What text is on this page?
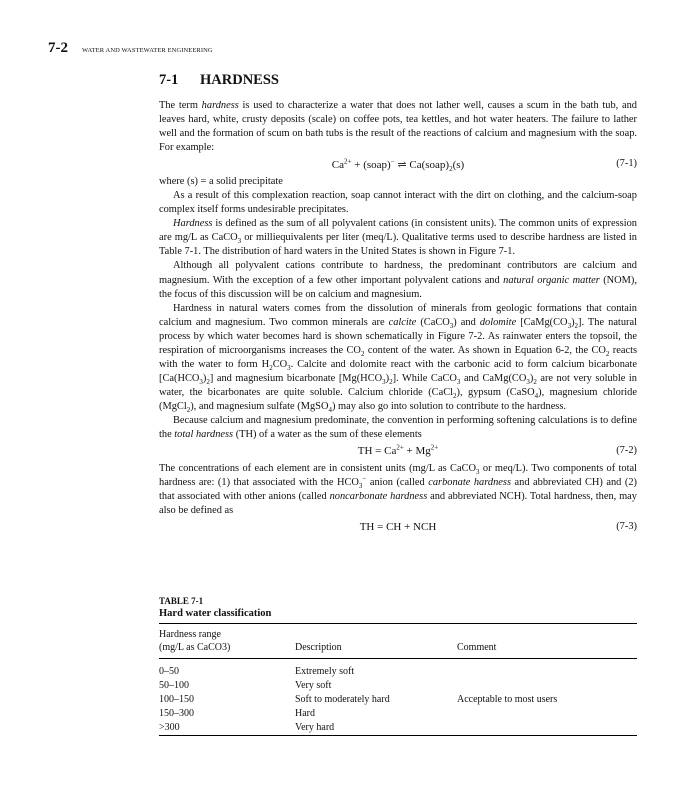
7-2 WATER AND WASTEWATER ENGINEERING
7-1 HARDNESS

The term hardness is used to characterize a water that does not lather well, causes a scum in the bath tub, and leaves hard, white, crusty deposits (scale) on coffee pots, tea kettles, and hot water heaters. The failure to lather well and the formation of scum on bath tubs is the result of the reactions of calcium and magnesium with the soap. For example:

$Ca^{2+}$ + (soap)− ⇌ $Ca(soap)_2(s)$	(7-1)

where (s) = a solid precipitate

As a result of this complexation reaction, soap cannot interact with the dirt on clothing, and the calcium-soap complex itself forms undesirable precipitates.

Hardness is defined as the sum of all polyvalent cations (in consistent units). The common units of expression are mg/L as CaCO$_3$ or milliequivalents per liter (meq/L). Qualitative terms used to describe hardness are listed in Table 7-1. The distribution of hard waters in the United States is shown in Figure 7-1.

Although all polyvalent cations contribute to hardness, the predominant contributors are calcium and magnesium. With the exception of a few other important polyvalent cations and natural organic matter (NOM), the focus of this discussion will be on calcium and magnesium.

Hardness in natural waters comes from the dissolution of minerals from geologic formations that contain calcium and magnesium. Two common minerals are calcite (CaCO$_3$) and dolomite $[CaMg(CO_3)_2]$. The natural process by which water becomes hard is shown schematically in Figure 7-2. As rainwater enters the topsoil, the respiration of microorganisms increases the $CO_2$ content of the water. As shown in Equation 6-2, the $CO_2$ reacts with the water to form $H_2CO_3$. Calcite and dolomite react with the carbonic acid to form calcium bicarbonate $[Ca(HCO_3)_2]$ and magnesium bicarbonate $[Mg(HCO_3)_2]$. While CaCO$_3$ and $CaMg(CO_3)_2$ are not very soluble in water, the bicarbonates are quite soluble. Calcium chloride (CaCl$_2$), gypsum (CaSO$_4$), magnesium chloride (MgCl$_2$), and magnesium sulfate (MgSO$_4$) may also go into solution to contribute to the hardness.

Because calcium and magnesium predominate, the convention in performing softening calculations is to define the total hardness (TH) of a water as the sum of these elements

TH = $Ca^{2+} + Mg^{2+}$	(7-2)

The concentrations of each element are in consistent units (mg/L as CaCO$_3$ or meq/L). Two components of total hardness are: (1) that associated with the $HCO_3^-$ anion (called carbonate hardness and abbreviated CH) and (2) that associated with other anions (called noncarbonate hardness and abbreviated NCH). Total hardness, then, may also be defined as

TH = CH + NCH	(7-3)
TABLE 7-1
Hard water classification
Hardness range
(mg/L as CaCO3)	Description	Comment

0–50	Extremely soft	
50–100	Very soft	
100–150	Soft to moderately hard	Acceptable to most users
150–300	Hard	
>300	Very hard	
